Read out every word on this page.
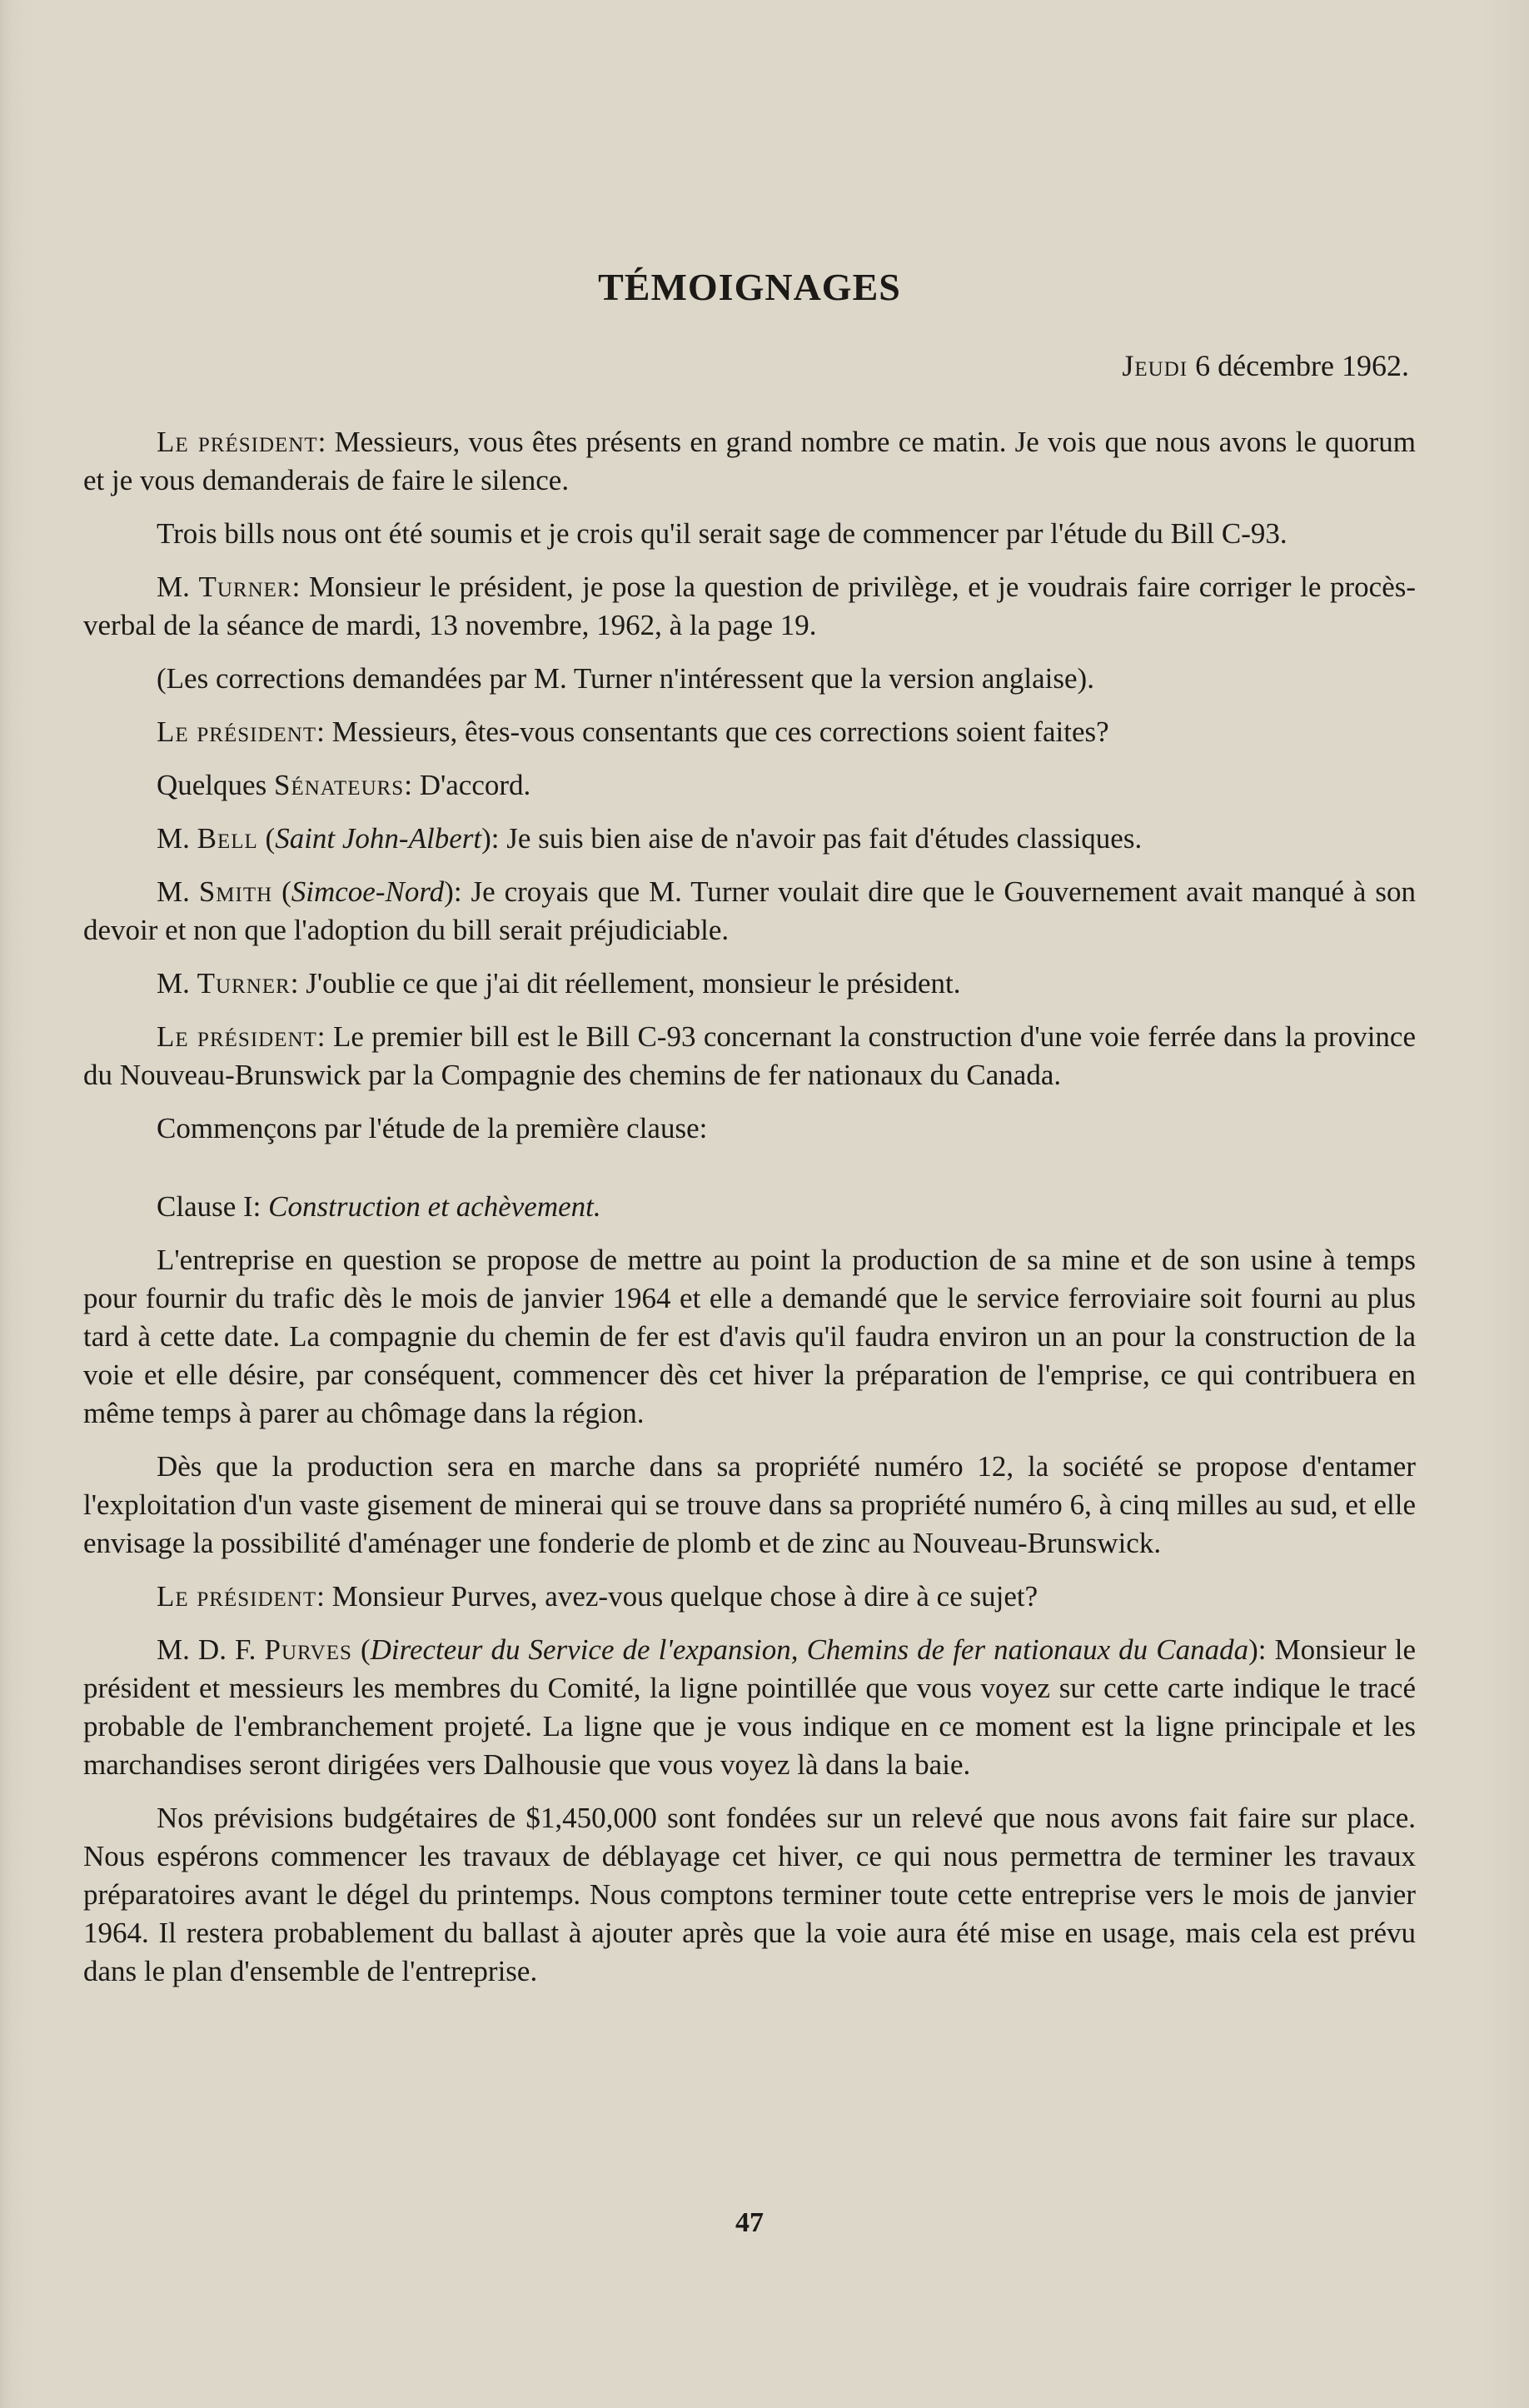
TÉMOIGNAGES

Jeudi 6 décembre 1962.

Le président: Messieurs, vous êtes présents en grand nombre ce matin. Je vois que nous avons le quorum et je vous demanderais de faire le silence.

Trois bills nous ont été soumis et je crois qu'il serait sage de commencer par l'étude du Bill C-93.

M. Turner: Monsieur le président, je pose la question de privilège, et je voudrais faire corriger le procès-verbal de la séance de mardi, 13 novembre, 1962, à la page 19.

(Les corrections demandées par M. Turner n'intéressent que la version anglaise).

Le président: Messieurs, êtes-vous consentants que ces corrections soient faites?

Quelques Sénateurs: D'accord.

M. Bell (Saint John-Albert): Je suis bien aise de n'avoir pas fait d'études classiques.

M. Smith (Simcoe-Nord): Je croyais que M. Turner voulait dire que le Gouvernement avait manqué à son devoir et non que l'adoption du bill serait préjudiciable.

M. Turner: J'oublie ce que j'ai dit réellement, monsieur le président.

Le président: Le premier bill est le Bill C-93 concernant la construction d'une voie ferrée dans la province du Nouveau-Brunswick par la Compagnie des chemins de fer nationaux du Canada.

Commençons par l'étude de la première clause:

Clause I: Construction et achèvement.

L'entreprise en question se propose de mettre au point la production de sa mine et de son usine à temps pour fournir du trafic dès le mois de janvier 1964 et elle a demandé que le service ferroviaire soit fourni au plus tard à cette date. La compagnie du chemin de fer est d'avis qu'il faudra environ un an pour la construction de la voie et elle désire, par conséquent, commencer dès cet hiver la préparation de l'emprise, ce qui contribuera en même temps à parer au chômage dans la région.

Dès que la production sera en marche dans sa propriété numéro 12, la société se propose d'entamer l'exploitation d'un vaste gisement de minerai qui se trouve dans sa propriété numéro 6, à cinq milles au sud, et elle envisage la possibilité d'aménager une fonderie de plomb et de zinc au Nouveau-Brunswick.

Le président: Monsieur Purves, avez-vous quelque chose à dire à ce sujet?

M. D. F. Purves (Directeur du Service de l'expansion, Chemins de fer nationaux du Canada): Monsieur le président et messieurs les membres du Comité, la ligne pointillée que vous voyez sur cette carte indique le tracé probable de l'embranchement projeté. La ligne que je vous indique en ce moment est la ligne principale et les marchandises seront dirigées vers Dalhousie que vous voyez là dans la baie.

Nos prévisions budgétaires de $1,450,000 sont fondées sur un relevé que nous avons fait faire sur place. Nous espérons commencer les travaux de déblayage cet hiver, ce qui nous permettra de terminer les travaux préparatoires avant le dégel du printemps. Nous comptons terminer toute cette entreprise vers le mois de janvier 1964. Il restera probablement du ballast à ajouter après que la voie aura été mise en usage, mais cela est prévu dans le plan d'ensemble de l'entreprise.

47
